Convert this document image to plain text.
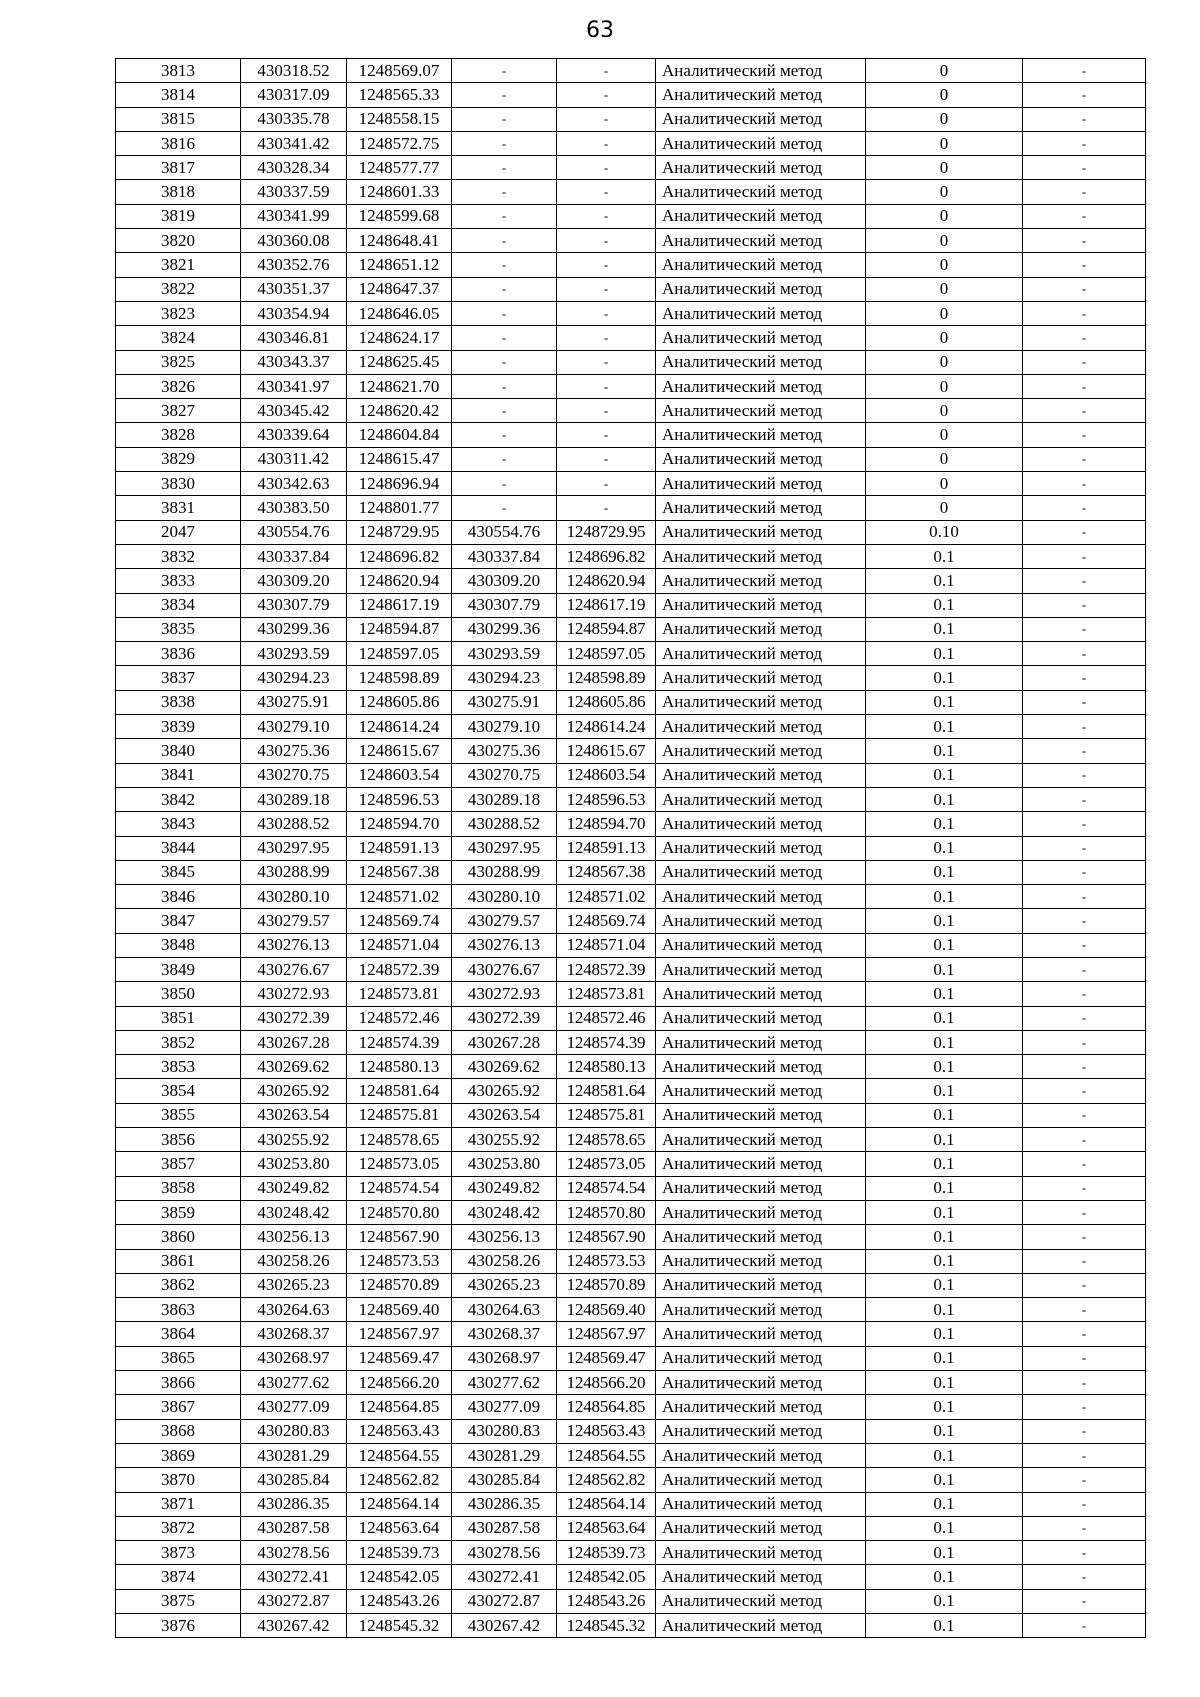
63
3813	430318.52	1248569.07	-	-	Аналитический метод	0	-
3814	430317.09	1248565.33	-	-	Аналитический метод	0	-
3815	430335.78	1248558.15	-	-	Аналитический метод	0	-
3816	430341.42	1248572.75	-	-	Аналитический метод	0	-
3817	430328.34	1248577.77	-	-	Аналитический метод	0	-
3818	430337.59	1248601.33	-	-	Аналитический метод	0	-
3819	430341.99	1248599.68	-	-	Аналитический метод	0	-
3820	430360.08	1248648.41	-	-	Аналитический метод	0	-
3821	430352.76	1248651.12	-	-	Аналитический метод	0	-
3822	430351.37	1248647.37	-	-	Аналитический метод	0	-
3823	430354.94	1248646.05	-	-	Аналитический метод	0	-
3824	430346.81	1248624.17	-	-	Аналитический метод	0	-
3825	430343.37	1248625.45	-	-	Аналитический метод	0	-
3826	430341.97	1248621.70	-	-	Аналитический метод	0	-
3827	430345.42	1248620.42	-	-	Аналитический метод	0	-
3828	430339.64	1248604.84	-	-	Аналитический метод	0	-
3829	430311.42	1248615.47	-	-	Аналитический метод	0	-
3830	430342.63	1248696.94	-	-	Аналитический метод	0	-
3831	430383.50	1248801.77	-	-	Аналитический метод	0	-
2047	430554.76	1248729.95	430554.76	1248729.95	Аналитический метод	0.10	-
3832	430337.84	1248696.82	430337.84	1248696.82	Аналитический метод	0.1	-
3833	430309.20	1248620.94	430309.20	1248620.94	Аналитический метод	0.1	-
3834	430307.79	1248617.19	430307.79	1248617.19	Аналитический метод	0.1	-
3835	430299.36	1248594.87	430299.36	1248594.87	Аналитический метод	0.1	-
3836	430293.59	1248597.05	430293.59	1248597.05	Аналитический метод	0.1	-
3837	430294.23	1248598.89	430294.23	1248598.89	Аналитический метод	0.1	-
3838	430275.91	1248605.86	430275.91	1248605.86	Аналитический метод	0.1	-
3839	430279.10	1248614.24	430279.10	1248614.24	Аналитический метод	0.1	-
3840	430275.36	1248615.67	430275.36	1248615.67	Аналитический метод	0.1	-
3841	430270.75	1248603.54	430270.75	1248603.54	Аналитический метод	0.1	-
3842	430289.18	1248596.53	430289.18	1248596.53	Аналитический метод	0.1	-
3843	430288.52	1248594.70	430288.52	1248594.70	Аналитический метод	0.1	-
3844	430297.95	1248591.13	430297.95	1248591.13	Аналитический метод	0.1	-
3845	430288.99	1248567.38	430288.99	1248567.38	Аналитический метод	0.1	-
3846	430280.10	1248571.02	430280.10	1248571.02	Аналитический метод	0.1	-
3847	430279.57	1248569.74	430279.57	1248569.74	Аналитический метод	0.1	-
3848	430276.13	1248571.04	430276.13	1248571.04	Аналитический метод	0.1	-
3849	430276.67	1248572.39	430276.67	1248572.39	Аналитический метод	0.1	-
3850	430272.93	1248573.81	430272.93	1248573.81	Аналитический метод	0.1	-
3851	430272.39	1248572.46	430272.39	1248572.46	Аналитический метод	0.1	-
3852	430267.28	1248574.39	430267.28	1248574.39	Аналитический метод	0.1	-
3853	430269.62	1248580.13	430269.62	1248580.13	Аналитический метод	0.1	-
3854	430265.92	1248581.64	430265.92	1248581.64	Аналитический метод	0.1	-
3855	430263.54	1248575.81	430263.54	1248575.81	Аналитический метод	0.1	-
3856	430255.92	1248578.65	430255.92	1248578.65	Аналитический метод	0.1	-
3857	430253.80	1248573.05	430253.80	1248573.05	Аналитический метод	0.1	-
3858	430249.82	1248574.54	430249.82	1248574.54	Аналитический метод	0.1	-
3859	430248.42	1248570.80	430248.42	1248570.80	Аналитический метод	0.1	-
3860	430256.13	1248567.90	430256.13	1248567.90	Аналитический метод	0.1	-
3861	430258.26	1248573.53	430258.26	1248573.53	Аналитический метод	0.1	-
3862	430265.23	1248570.89	430265.23	1248570.89	Аналитический метод	0.1	-
3863	430264.63	1248569.40	430264.63	1248569.40	Аналитический метод	0.1	-
3864	430268.37	1248567.97	430268.37	1248567.97	Аналитический метод	0.1	-
3865	430268.97	1248569.47	430268.97	1248569.47	Аналитический метод	0.1	-
3866	430277.62	1248566.20	430277.62	1248566.20	Аналитический метод	0.1	-
3867	430277.09	1248564.85	430277.09	1248564.85	Аналитический метод	0.1	-
3868	430280.83	1248563.43	430280.83	1248563.43	Аналитический метод	0.1	-
3869	430281.29	1248564.55	430281.29	1248564.55	Аналитический метод	0.1	-
3870	430285.84	1248562.82	430285.84	1248562.82	Аналитический метод	0.1	-
3871	430286.35	1248564.14	430286.35	1248564.14	Аналитический метод	0.1	-
3872	430287.58	1248563.64	430287.58	1248563.64	Аналитический метод	0.1	-
3873	430278.56	1248539.73	430278.56	1248539.73	Аналитический метод	0.1	-
3874	430272.41	1248542.05	430272.41	1248542.05	Аналитический метод	0.1	-
3875	430272.87	1248543.26	430272.87	1248543.26	Аналитический метод	0.1	-
3876	430267.42	1248545.32	430267.42	1248545.32	Аналитический метод	0.1	-
